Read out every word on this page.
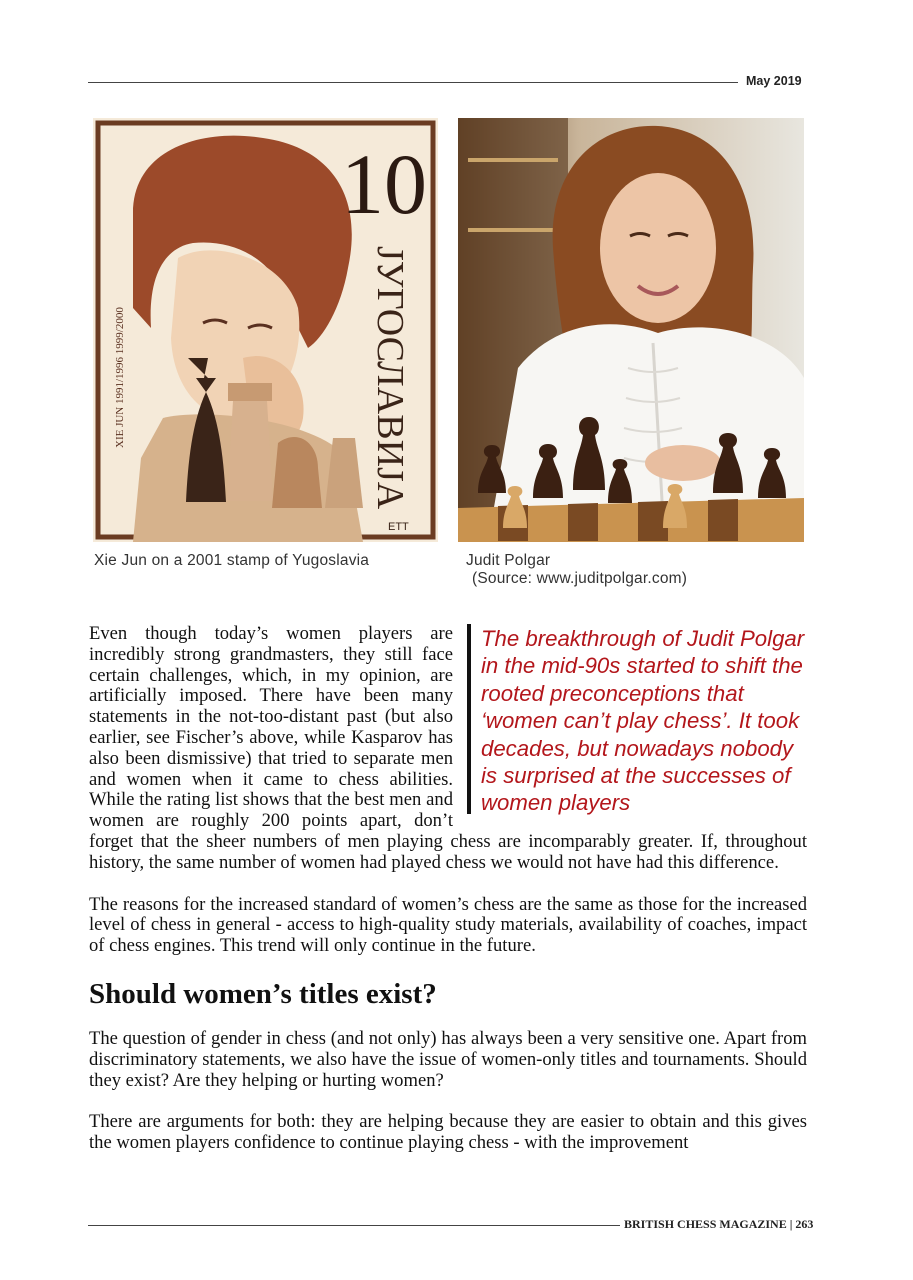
May 2019
10
ЈУГОСЛАВИЈА
XIE JUN 1991/1996 1999/2000
ЕТТ
Xie Jun on a 2001 stamp of Yugoslavia	Judit Polgar
(Source: www.juditpolgar.com)
The breakthrough of Judit Polgar in the mid-90s started to shift the rooted preconceptions that ‘women can’t play chess’. It took decades, but nowadays nobody is surprised at the successes of women players

Even though today’s women players are incredibly strong grandmasters, they still face certain challenges, which, in my opinion, are artificially imposed. There have been many statements in the not-too-distant past (but also earlier, see Fischer’s above, while Kasparov has also been dismissive) that tried to separate men and women when it came to chess abilities. While the rating list shows that the best men and women are roughly 200 points apart, don’t forget that the sheer numbers of men playing chess are incomparably greater. If, throughout history, the same number of women had played chess we would not have had this difference.

The reasons for the increased standard of women’s chess are the same as those for the increased level of chess in general - access to high-quality study materials, availability of coaches, impact of chess engines. This trend will only continue in the future.

Should women’s titles exist?

The question of gender in chess (and not only) has always been a very sensitive one. Apart from discriminatory statements, we also have the issue of women-only titles and tournaments. Should they exist? Are they helping or hurting women?

There are arguments for both: they are helping because they are easier to obtain and this gives the women players confidence to continue playing chess - with the improvement

BRITISH CHESS MAGAZINE | 263
